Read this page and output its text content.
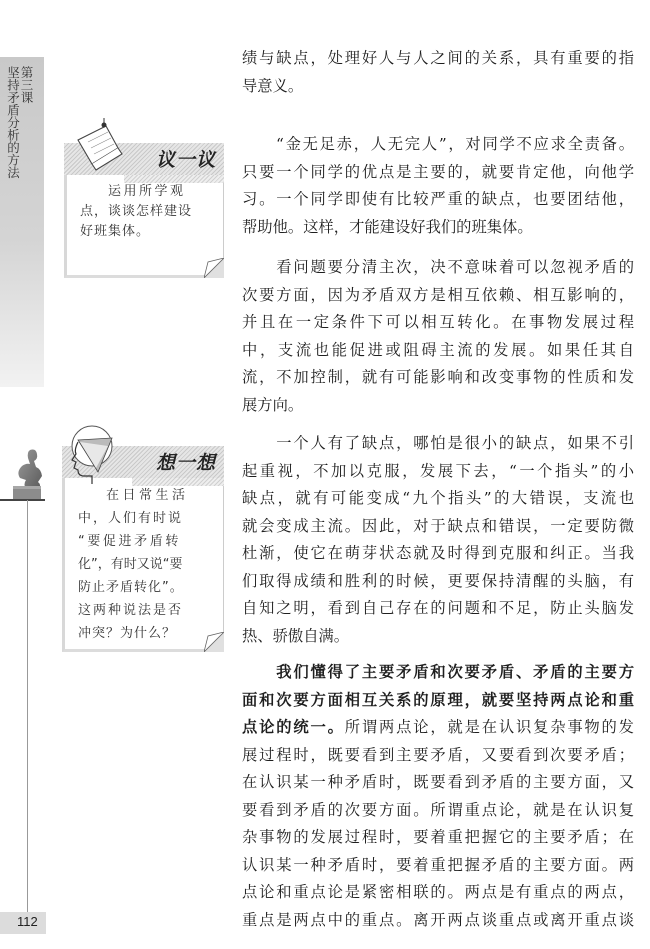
第三课
坚持矛盾分析的方法	议一议
运用所学观
点，谈谈怎样建设
好班集体。
想一想
在日常生活
中，人们有时说
“要促进矛盾转
化”，有时又说“要
防止矛盾转化”。
这两种说法是否
冲突？为什么？
绩与缺点，处理好人与人之间的关系，具有重要的指
导意义。
　　“金无足赤，人无完人”，对同学不应求全责备。
只要一个同学的优点是主要的，就要肯定他，向他学
习。一个同学即使有比较严重的缺点，也要团结他，
帮助他。这样，才能建设好我们的班集体。
　　看问题要分清主次，决不意味着可以忽视矛盾的
次要方面，因为矛盾双方是相互依赖、相互影响的，
并且在一定条件下可以相互转化。在事物发展过程
中，支流也能促进或阻碍主流的发展。如果任其自
流，不加控制，就有可能影响和改变事物的性质和发
展方向。
　　一个人有了缺点，哪怕是很小的缺点，如果不引
起重视，不加以克服，发展下去，“一个指头”的小
缺点，就有可能变成“九个指头”的大错误，支流也
就会变成主流。因此，对于缺点和错误，一定要防微
杜渐，使它在萌芽状态就及时得到克服和纠正。当我
们取得成绩和胜利的时候，更要保持清醒的头脑，有
自知之明，看到自己存在的问题和不足，防止头脑发
热、骄傲自满。
　　我们懂得了主要矛盾和次要矛盾、矛盾的主要方
面和次要方面相互关系的原理，就要坚持两点论和重
点论的统一。所谓两点论，就是在认识复杂事物的发
展过程时，既要看到主要矛盾，又要看到次要矛盾；
在认识某一种矛盾时，既要看到矛盾的主要方面，又
要看到矛盾的次要方面。所谓重点论，就是在认识复
杂事物的发展过程时，要着重把握它的主要矛盾；在
认识某一种矛盾时，要着重把握矛盾的主要方面。两
点论和重点论是紧密相联的。两点是有重点的两点，
重点是两点中的重点。离开两点谈重点或离开重点谈
112
